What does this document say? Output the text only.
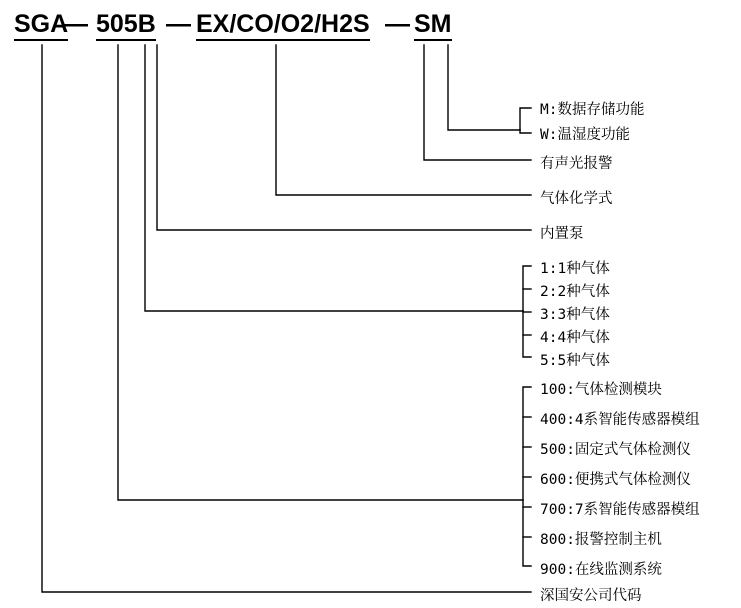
SGA
— 505B — EX/CO/O2/H2S — SM
M:数据存储功能
W:温湿度功能
有声光报警
气体化学式
内置泵
1:1种气体
2:2种气体
3:3种气体
4:4种气体
5:5种气体
100:气体检测模块
400:4系智能传感器模组
500:固定式气体检测仪
600:便携式气体检测仪
700:7系智能传感器模组
800:报警控制主机
900:在线监测系统
深国安公司代码
